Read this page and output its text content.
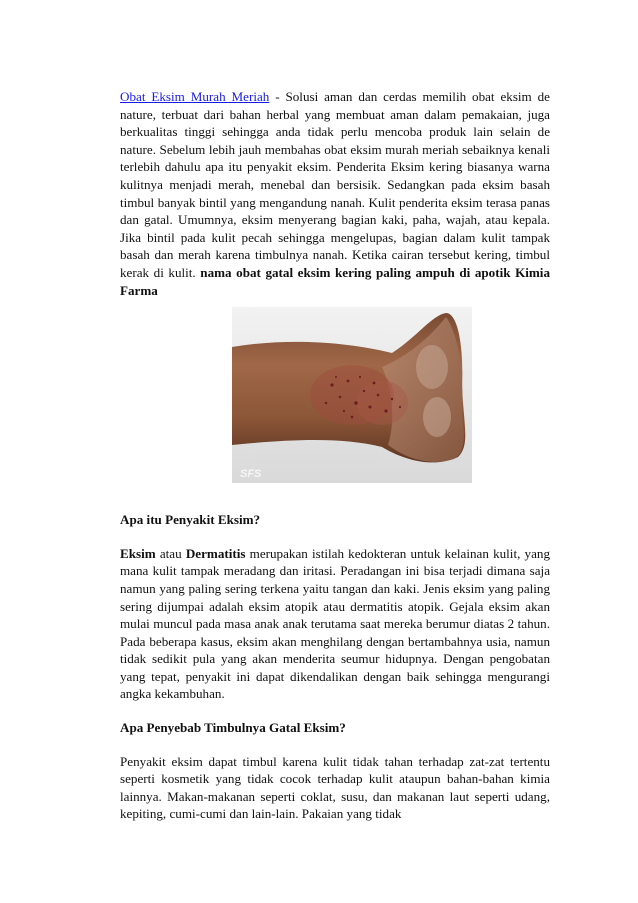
Obat Eksim Murah Meriah - Solusi aman dan cerdas memilih obat eksim de nature, terbuat dari bahan herbal yang membuat aman dalam pemakaian, juga berkualitas tinggi sehingga anda tidak perlu mencoba produk lain selain de nature. Sebelum lebih jauh membahas obat eksim murah meriah sebaiknya kenali terlebih dahulu apa itu penyakit eksim. Penderita Eksim kering biasanya warna kulitnya menjadi merah, menebal dan bersisik. Sedangkan pada eksim basah timbul banyak bintil yang mengandung nanah. Kulit penderita eksim terasa panas dan gatal. Umumnya, eksim menyerang bagian kaki, paha, wajah, atau kepala. Jika bintil pada kulit pecah sehingga mengelupas, bagian dalam kulit tampak basah dan merah karena timbulnya nanah. Ketika cairan tersebut kering, timbul kerak di kulit. nama obat gatal eksim kering paling ampuh di apotik Kimia Farma

SFS

Apa itu Penyakit Eksim?

Eksim atau Dermatitis merupakan istilah kedokteran untuk kelainan kulit, yang mana kulit tampak meradang dan iritasi. Peradangan ini bisa terjadi dimana saja namun yang paling sering terkena yaitu tangan dan kaki. Jenis eksim yang paling sering dijumpai adalah eksim atopik atau dermatitis atopik. Gejala eksim akan mulai muncul pada masa anak anak terutama saat mereka berumur diatas 2 tahun. Pada beberapa kasus, eksim akan menghilang dengan bertambahnya usia, namun tidak sedikit pula yang akan menderita seumur hidupnya. Dengan pengobatan yang tepat, penyakit ini dapat dikendalikan dengan baik sehingga mengurangi angka kekambuhan.

Apa Penyebab Timbulnya Gatal Eksim?

Penyakit eksim dapat timbul karena kulit tidak tahan terhadap zat-zat tertentu seperti kosmetik yang tidak cocok terhadap kulit ataupun bahan-bahan kimia lainnya. Makan-makanan seperti coklat, susu, dan makanan laut seperti udang, kepiting, cumi-cumi dan lain-lain. Pakaian yang tidak
